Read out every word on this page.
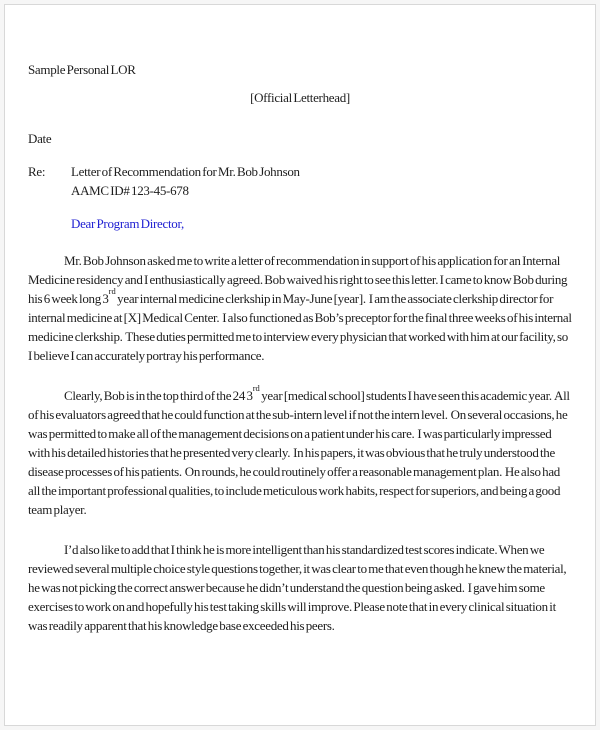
Sample Personal LOR
[Official Letterhead]
Date
Re:	Letter of Recommendation for Mr. Bob Johnson
AAMC ID# 123-45-678
Dear Program Director,

Mr. Bob Johnson asked me to write a letter of recommendation in support of his application for an Internal Medicine residency and I enthusiastically agreed. Bob waived his right to see this letter. I came to know Bob during his 6 week long 3rd year internal medicine clerkship in May-June [year].  I am the associate clerkship director for internal medicine at [X] Medical Center.  I also functioned as Bob’s preceptor for the final three weeks of his internal medicine clerkship.  These duties permitted me to interview every physician that worked with him at our facility, so I believe I can accurately portray his performance.

Clearly, Bob is in the top third of the 24 3rd year [medical school] students I have seen this academic year.  All of his evaluators agreed that he could function at the sub-intern level if not the intern level.  On several occasions, he was permitted to make all of the management decisions on a patient under his care.  I was particularly impressed with his detailed histories that he presented very clearly.  In his papers, it was obvious that he truly understood the disease processes of his patients.  On rounds, he could routinely offer a reasonable management plan.  He also had all the important professional qualities, to include meticulous work habits, respect for superiors, and being a good team player.

I’d also like to add that I think he is more intelligent than his standardized test scores indicate. When we reviewed several multiple choice style questions together, it was clear to me that even though he knew the material, he was not picking the correct answer because he didn’t understand the question being asked.  I gave him some exercises to work on and hopefully his test taking skills will improve. Please note that in every clinical situation it was readily apparent that his knowledge base exceeded his peers.
